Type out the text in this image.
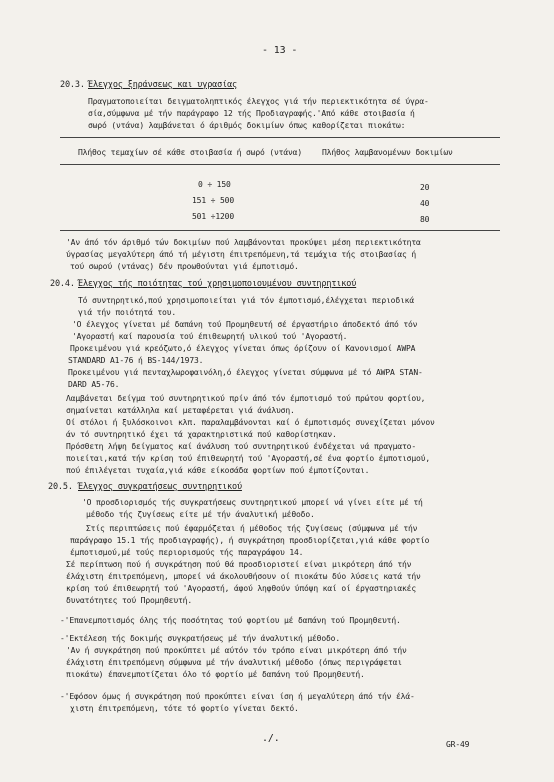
- 13 -
20.3. Έλεγχος ξηράνσεως και υγρασίας
Πραγματοποιείται δειγματοληπτικός έλεγχος γιά τήν περιεκτικότητα σέ ύγρα-
σία,σύμφωνα μέ τήν παράγραφο 12 τής Προδιαγραφής.'Από κάθε στοιβασία ή
σωρό (ντάνα) λαμβάνεται ό άριθμός δοκιμίων όπως καθορίζεται πιοκάτω:
Πλήθος τεμαχίων σέ κάθε στοιβασία ή σωρό (ντάνα)	Πλήθος λαμβανομένων δοκιμίων
0 ÷ 150	20
151 ÷ 500	40
501 ÷1200	80
'Αν άπό τόν άριθμό τών δοκιμίων πού λαμβάνονται προκύψει μέση περιεκτικότητα
ύγρασίας μεγαλύτερη άπό τή μέγιστη έπιτρεπόμενη,τά τεμάχια τής στοιβασίας ή
τού σωρού (ντάνας) δέν προωθούνται γιά έμποτισμό.
20.4. Έλεγχος τής ποιότητας τού χρησιμοποιουμένου συντηρητικού
Τό συντηρητικό,πού χρησιμοποιείται γιά τόν έμποτισμό,έλέγχεται περιοδικά
γιά τήν ποιότητά του.
'Ο έλεγχος γίνεται μέ δαπάνη τού Προμηθευτή σέ έργαστήριο άποδεκτό άπό τόν
'Αγοραστή καί παρουσία τού έπιθεωρητή υλικού τού 'Αγοραστή.
Προκειμένου γιά κρεόζωτο,ό έλεγχος γίνεται όπως όρίζουν οί Κανονισμοί AWPA
STANDARD A1-76 ή BS-144/1973.
Προκειμένου γιά πενταχλωροφαινόλη,ό έλεγχος γίνεται σύμφωνα μέ τό AWPA STAN-
DARD A5-76.
Λαμβάνεται δείγμα τού συντηρητικού πρίν άπό τόν έμποτισμό τού πρώτου φορτίου,
σημαίνεται κατάλληλα καί μεταφέρεται γιά άνάλυση.
Οί στόλοι ή ξυλόσκοινοι κλπ. παραλαμβάνονται καί ό έμποτισμός συνεχίζεται μόνον
άν τό συντηρητικό έχει τά χαρακτηριστικά πού καθορίστηκαν.
Πρόσθετη λήψη δείγματος καί άνάλυση τού συντηρητικού ένδέχεται νά πραγματο-
ποιείται,κατά τήν κρίση τού έπιθεωρητή τού 'Αγοραστή,σέ ένα φορτίο έμποτισμού,
πού έπιλέγεται τυχαία,γιά κάθε είκοσάδα φορτίων πού έμποτίζονται.
20.5. Έλεγχος συγκρατήσεως συντηρητικού
'Ο προσδιορισμός τής συγκρατήσεως συντηρητικού μπορεί νά γίνει είτε μέ τή
μέθοδο τής ζυγίσεως είτε μέ τήν άναλυτική μέθοδο.
Στίς περιπτώσεις πού έφαρμόζεται ή μέθοδος τής ζυγίσεως (σύμφωνα μέ τήν
παράγραφο 15.1 τής προδιαγραφής), ή συγκράτηση προσδιορίζεται,γιά κάθε φορτίο
έμποτισμού,μέ τούς περιορισμούς τής παραγράφου 14.
Σέ περίπτωση πού ή συγκράτηση πού θά προσδιοριστεί είναι μικρότερη άπό τήν
έλάχιστη έπιτρεπόμενη, μπορεί νά άκολουθήσουν οί πιοκάτω δύο λύσεις κατά τήν
κρίση τού έπιθεωρητή τού 'Αγοραστή, άφού ληφθούν ύπόψη καί οί έργαστηριακές
δυνατότητες τού Προμηθευτή.
-'Επανεμποτισμός όλης τής ποσότητας τού φορτίου μέ δαπάνη τού Προμηθευτή.
-'Εκτέλεση τής δοκιμής συγκρατήσεως μέ τήν άναλυτική μέθοδο.
'Αν ή συγκράτηση πού προκύπτει μέ αύτόν τόν τρόπο είναι μικρότερη άπό τήν
έλάχιστη έπιτρεπόμενη σύμφωνα μέ τήν άναλυτική μέθοδο (όπως περιγράφεται
πιοκάτω) έπανεμποτίζεται όλο τό φορτίο μέ δαπάνη τού Προμηθευτή.
-'Εφόσον όμως ή συγκράτηση πού προκύπτει είναι ίση ή μεγαλύτερη άπό τήν έλά-
χιστη έπιτρεπόμενη, τότε τό φορτίο γίνεται δεκτό.
./.
GR-49
